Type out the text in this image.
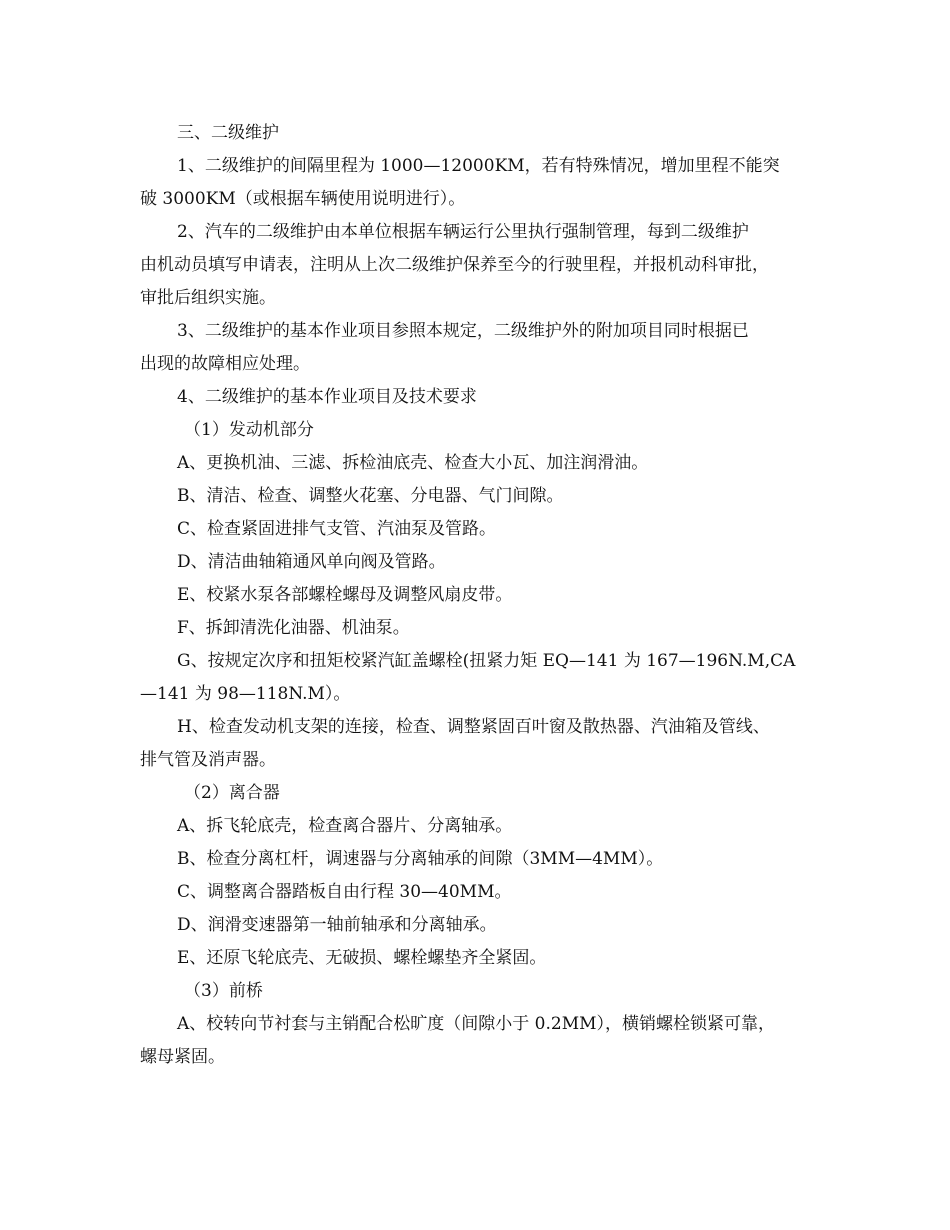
三、二级维护

1、二级维护的间隔里程为 1000—12000KM，若有特殊情况，增加里程不能突
破 3000KM（或根据车辆使用说明进行）。

2、汽车的二级维护由本单位根据车辆运行公里执行强制管理，每到二级维护
由机动员填写申请表，注明从上次二级维护保养至今的行驶里程，并报机动科审批，
审批后组织实施。

3、二级维护的基本作业项目参照本规定，二级维护外的附加项目同时根据已
出现的故障相应处理。

4、二级维护的基本作业项目及技术要求

（1）发动机部分

A、更换机油、三滤、拆检油底壳、检查大小瓦、加注润滑油。

B、清洁、检查、调整火花塞、分电器、气门间隙。

C、检查紧固进排气支管、汽油泵及管路。

D、清洁曲轴箱通风单向阀及管路。

E、校紧水泵各部螺栓螺母及调整风扇皮带。

F、拆卸清洗化油器、机油泵。

G、按规定次序和扭矩校紧汽缸盖螺栓(扭紧力矩 EQ—141 为 167—196N.M,CA
—141 为 98—118N.M）。

H、检查发动机支架的连接，检查、调整紧固百叶窗及散热器、汽油箱及管线、
排气管及消声器。

（2）离合器

A、拆飞轮底壳，检查离合器片、分离轴承。

B、检查分离杠杆，调速器与分离轴承的间隙（3MM—4MM）。

C、调整离合器踏板自由行程 30—40MM。

D、润滑变速器第一轴前轴承和分离轴承。

E、还原飞轮底壳、无破损、螺栓螺垫齐全紧固。

（3）前桥

A、校转向节衬套与主销配合松旷度（间隙小于 0.2MM），横销螺栓锁紧可靠，
螺母紧固。
